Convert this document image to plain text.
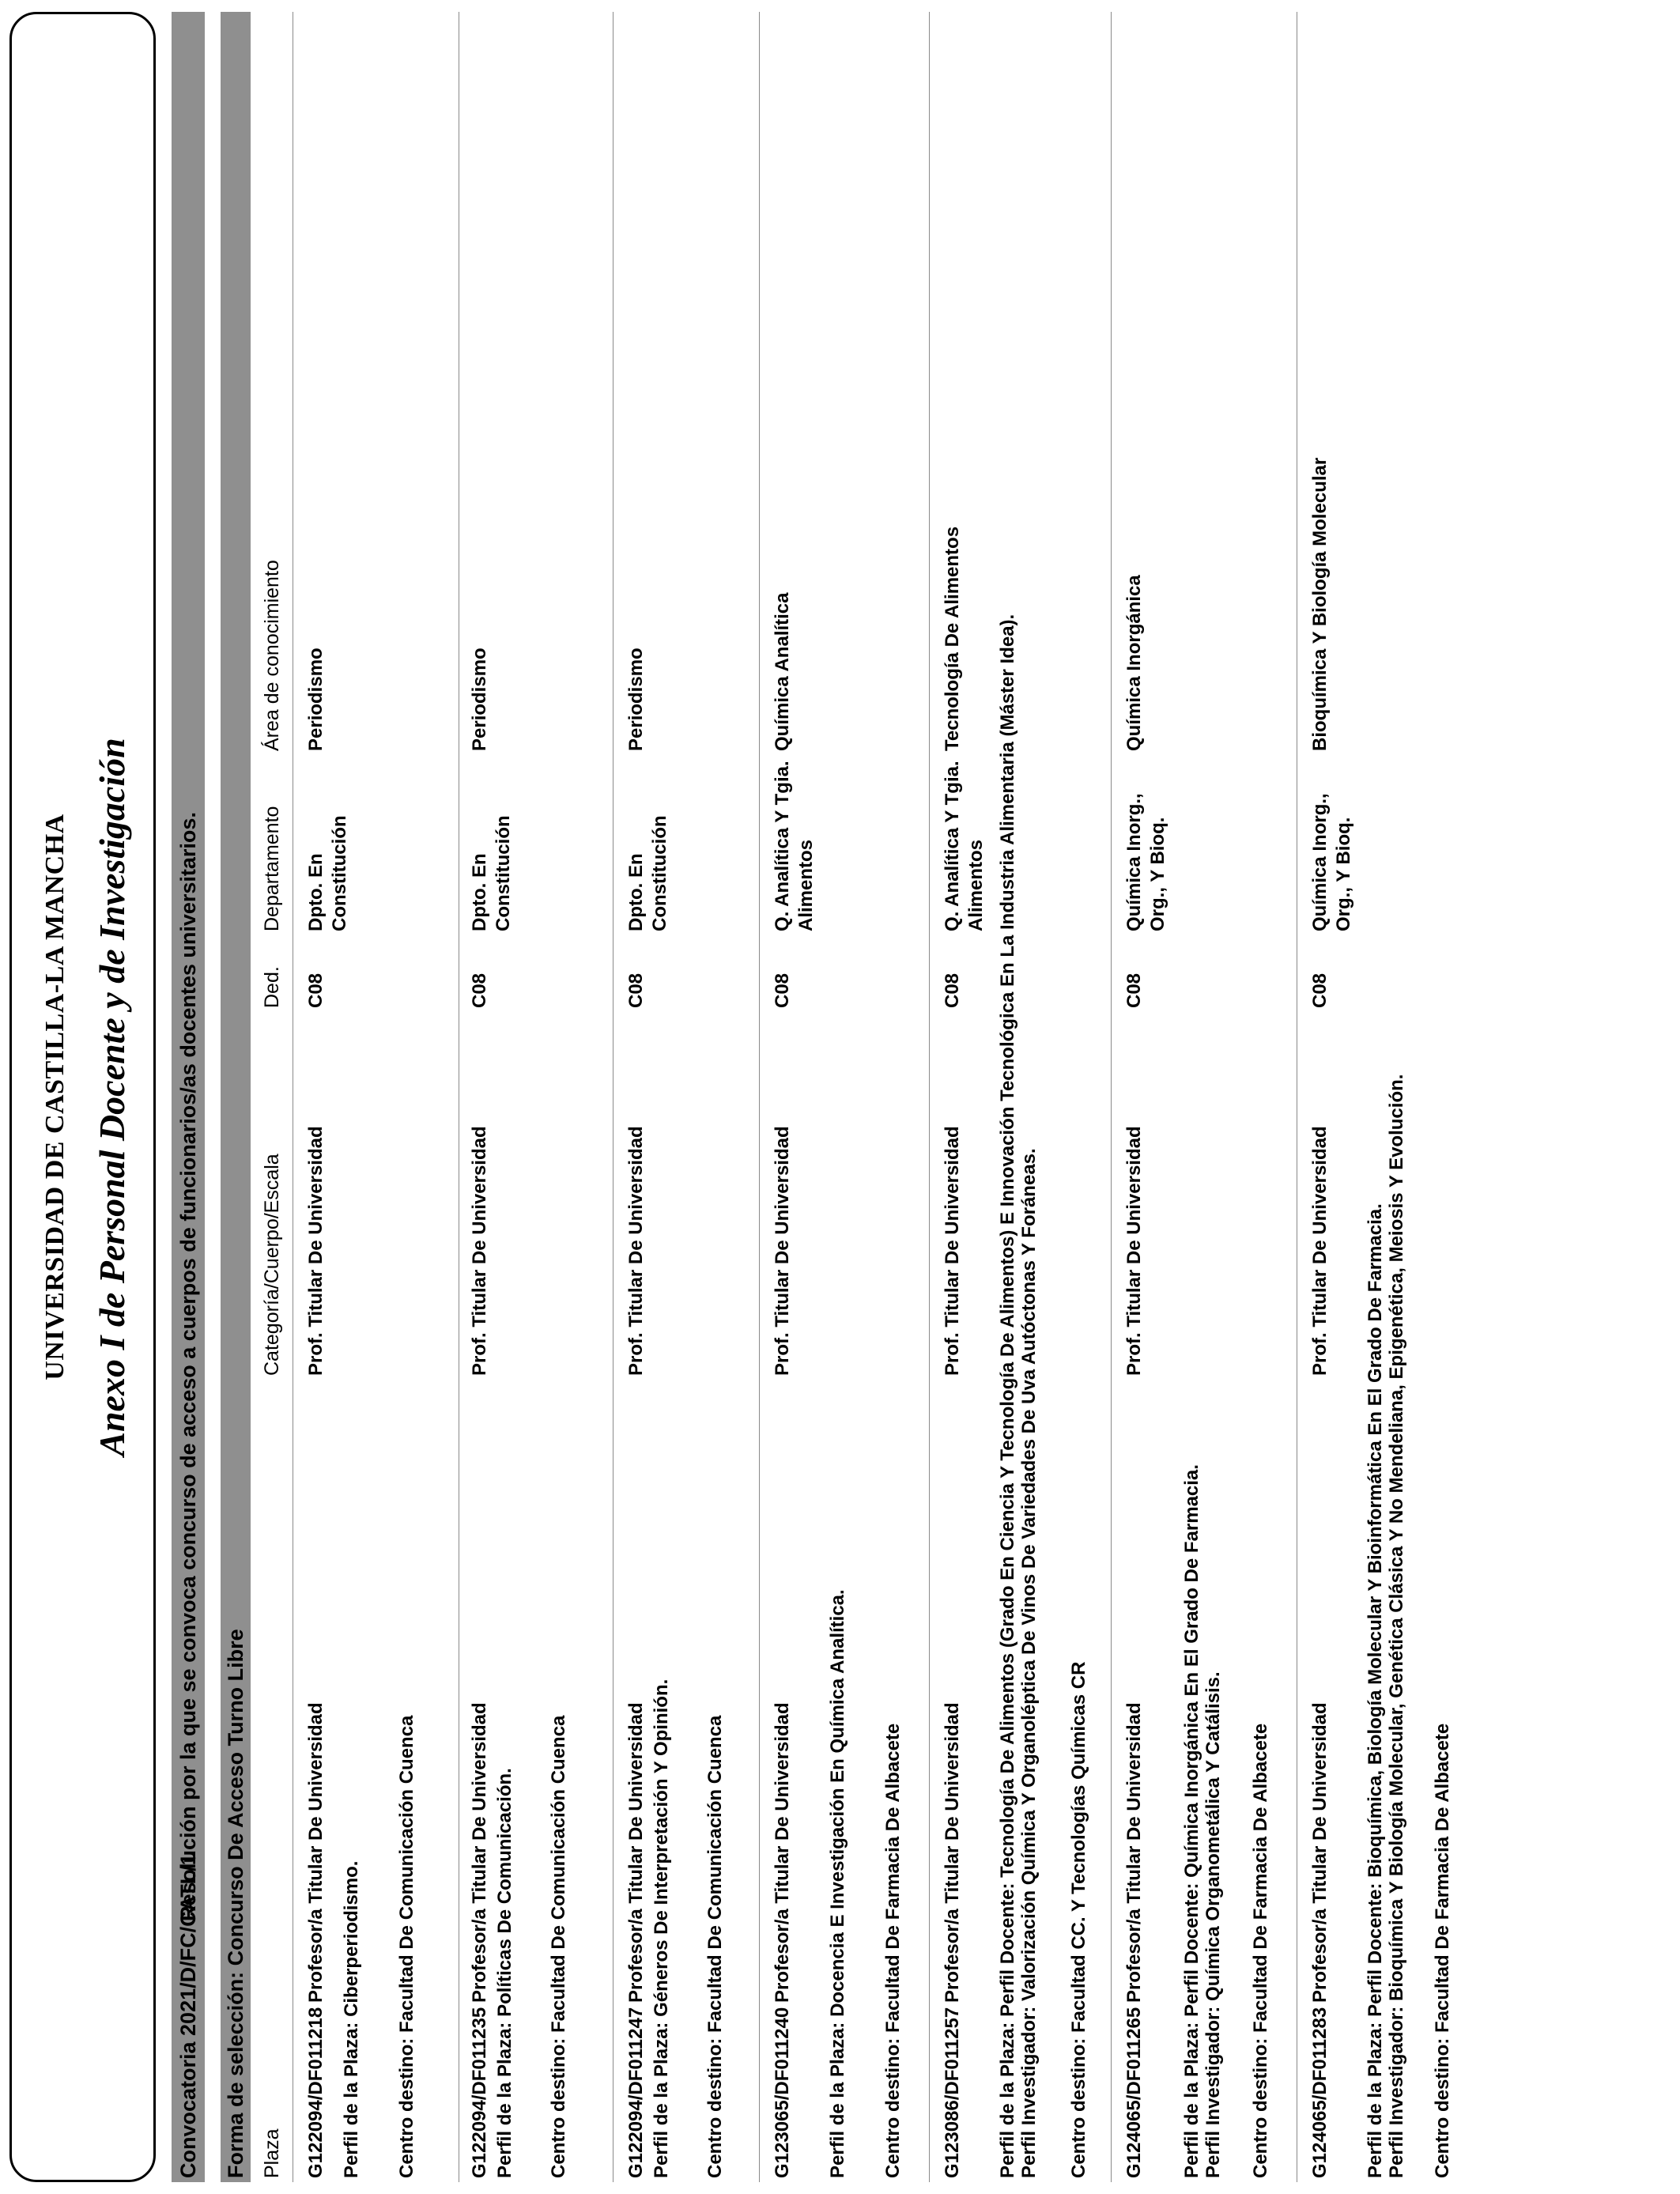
UNIVERSIDAD DE CASTILLA-LA MANCHA Anexo I de Personal Docente y de Investigación
Convocatoria 2021/D/FC/CATL/1
Resolución por la que se convoca concurso de acceso a cuerpos de funcionarios/as docentes universitarios. Forma de selección: Concurso De Acceso Turno Libre Plaza
Categoría/Cuerpo/Escala
Ded.
Departamento
Área de conocimiento
G122094/DF011218
Profesor/a Titular De Universidad
Prof. Titular De Universidad
C08
Dpto. En Constitución
Periodismo
Perfil de la Plaza: Ciberperiodismo. Centro destino: Facultad De Comunicación Cuenca	G122094/DF011235
Profesor/a Titular De Universidad
Prof. Titular De Universidad
C08
Dpto. En Constitución
Periodismo
Perfil de la Plaza: Políticas De Comunicación. Centro destino: Facultad De Comunicación Cuenca	G122094/DF011247
Profesor/a Titular De Universidad
Prof. Titular De Universidad
C08
Dpto. En Constitución
Periodismo
Perfil de la Plaza: Géneros De Interpretación Y Opinión. Centro destino: Facultad De Comunicación Cuenca G123065/DF011240
Profesor/a Titular De Universidad
Prof. Titular De Universidad
C08
Q. Analítica Y Tgia. Alimentos
Química Analítica
Perfil de la Plaza: Docencia E Investigación En Química Analítica. Centro destino: Facultad De Farmacia De Albacete G123086/DF011257
Profesor/a Titular De Universidad
Prof. Titular De Universidad
C08
Q. Analítica Y Tgia. Alimentos
Tecnología De Alimentos Perfil de la Plaza: Perfil Docente: Tecnología De Alimentos (Grado En Ciencia Y Tecnología De Alimentos) E Innovación Tecnológica En La Industria Alimentaria (Máster Idea). Perfil Investigador: Valorización Química Y Organoléptica De Vinos De Variedades De Uva Autóctonas Y Foráneas. Centro destino: Facultad CC. Y Tecnologías Químicas CR G124065/DF011265
Profesor/a Titular De Universidad
Prof. Titular De Universidad
C08
Química Inorg., Org., Y Bioq.
Química Inorgánica
Perfil de la Plaza: Perfil Docente: Química Inorgánica En El Grado De Farmacia. Perfil Investigador: Química Organometálica Y Catálisis. Centro destino: Facultad De Farmacia De Albacete G124065/DF011283
Profesor/a Titular De Universidad
Prof. Titular De Universidad
C08
Química Inorg., Org., Y Bioq.
Bioquímica Y Biología Molecular
Perfil de la Plaza: Perfil Docente: Bioquímica, Biología Molecular Y Bioinformática En El Grado De Farmacia. Perfil Investigador: Bioquímica Y Biología Molecular, Genética Clásica Y No Mendeliana, Epigenética, Meiosis Y Evolución. Centro destino: Facultad De Farmacia De Albacete
